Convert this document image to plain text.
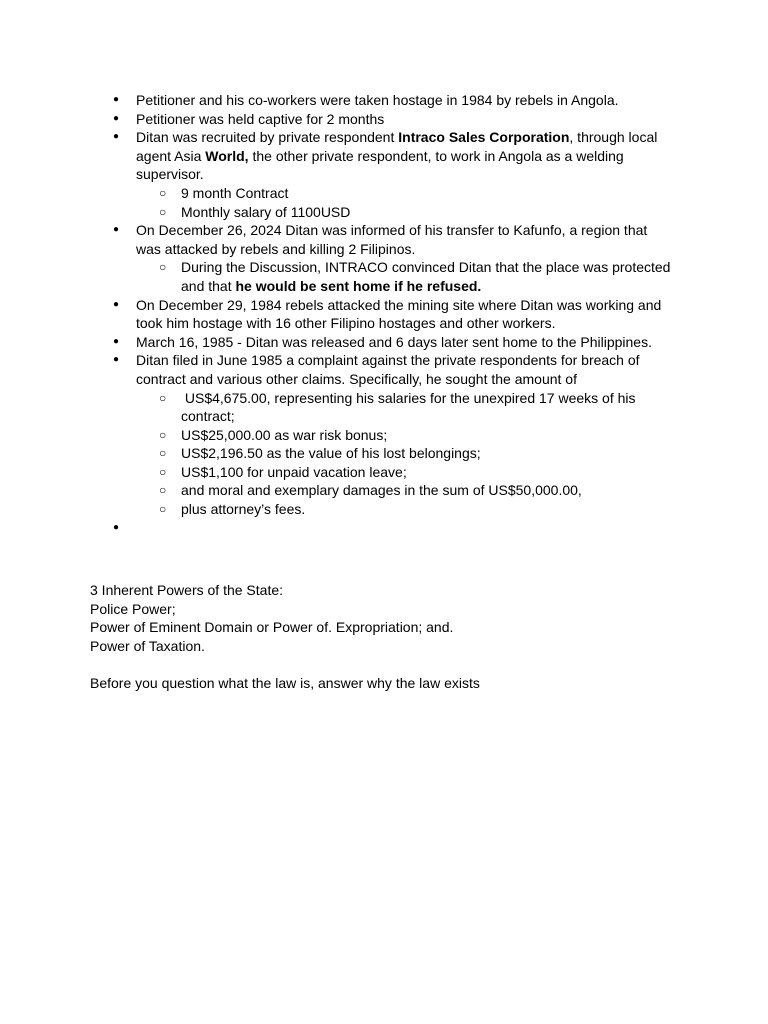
● Petitioner and his co-workers were taken hostage in 1984 by rebels in Angola.
● Petitioner was held captive for 2 months
● Ditan was recruited by private respondent Intraco Sales Corporation, through local agent Asia World, the other private respondent, to work in Angola as a welding supervisor.
○ 9 month Contract
○ Monthly salary of 1100USD
● On December 26, 2024 Ditan was informed of his transfer to Kafunfo, a region that was attacked by rebels and killing 2 Filipinos.
○ During the Discussion, INTRACO convinced Ditan that the place was protected and that he would be sent home if he refused.
● On December 29, 1984 rebels attacked the mining site where Ditan was working and took him hostage with 16 other Filipino hostages and other workers.
● March 16, 1985 - Ditan was released and 6 days later sent home to the Philippines.
● Ditan filed in June 1985 a complaint against the private respondents for breach of contract and various other claims. Specifically, he sought the amount of
○  US$4,675.00, representing his salaries for the unexpired 17 weeks of his contract;
○ US$25,000.00 as war risk bonus;
○ US$2,196.50 as the value of his lost belongings;
○ US$1,100 for unpaid vacation leave;
○ and moral and exemplary damages in the sum of US$50,000.00,
○ plus attorney’s fees.
●

3 Inherent Powers of the State:

Police Power;

Power of Eminent Domain or Power of. Expropriation; and.

Power of Taxation.

Before you question what the law is, answer why the law exists
